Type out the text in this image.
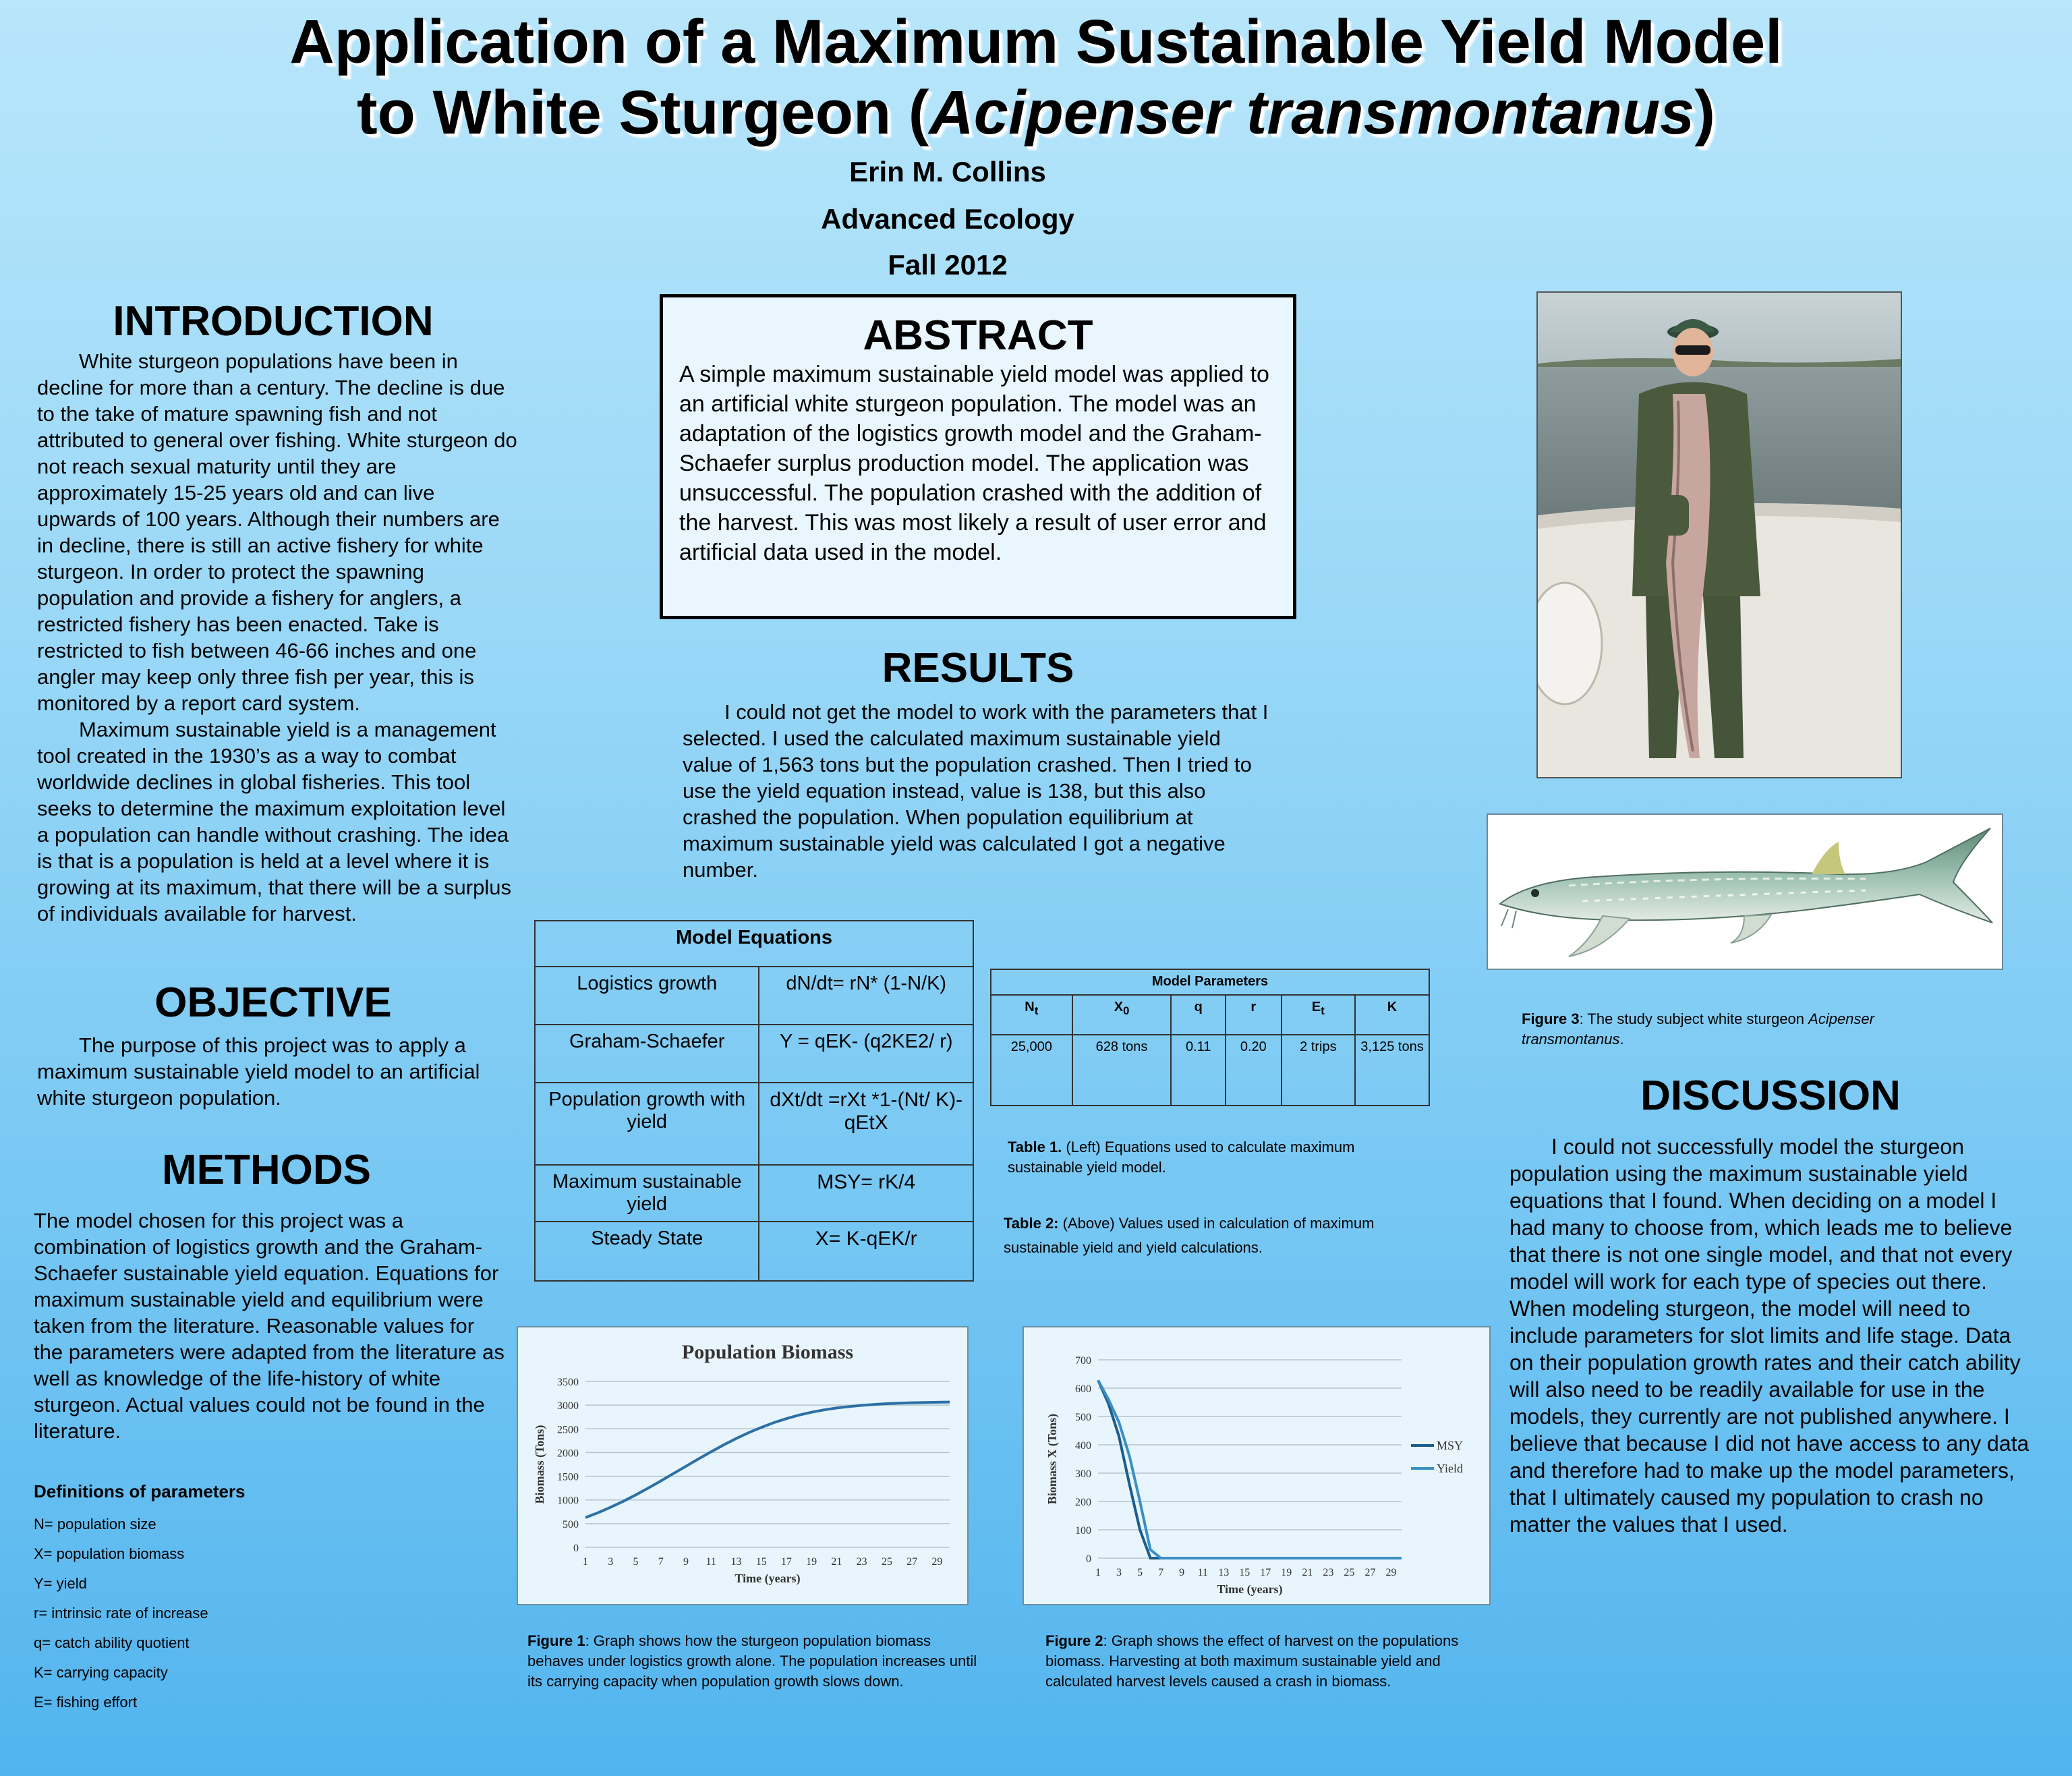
Application of a Maximum Sustainable Yield Model
to White Sturgeon (Acipenser transmontanus)
Erin M. Collins
Advanced Ecology
Fall 2012
INTRODUCTION
White sturgeon populations have been in decline for more than a century. The decline is due to the take of mature spawning fish and not attributed to general over fishing. White sturgeon do not reach sexual maturity until they are approximately 15-25 years old and can live upwards of 100 years. Although their numbers are in decline, there is still an active fishery for white sturgeon. In order to protect the spawning population and provide a fishery for anglers, a restricted fishery has been enacted. Take is restricted to fish between 46-66 inches and one angler may keep only three fish per year, this is monitored by a report card system.
Maximum sustainable yield is a management tool created in the 1930’s as a way to combat worldwide declines in global fisheries. This tool seeks to determine the maximum exploitation level a population can handle without crashing. The idea is that is a population is held at a level where it is growing at its maximum, that there will be a surplus of individuals available for harvest.
OBJECTIVE
The purpose of this project was to apply a maximum sustainable yield model to an artificial white sturgeon population.
METHODS
The model chosen for this project was a combination of logistics growth and the Graham-Schaefer sustainable yield equation. Equations for maximum sustainable yield and equilibrium were taken from the literature. Reasonable values for the parameters were adapted from the literature as well as knowledge of the life-history of white sturgeon. Actual values could not be found in the literature.
Definitions of parameters
N= population size
X= population biomass
Y= yield
r= intrinsic rate of increase
q= catch ability quotient
K= carrying capacity
E= fishing effort
ABSTRACT
A simple maximum sustainable yield model was applied to an artificial white sturgeon population. The model was an adaptation of the logistics growth model and the Graham-Schaefer surplus production model. The application was unsuccessful. The population crashed with the addition of the harvest. This was most likely a result of user error and artificial data used in the model.
RESULTS
I could not get the model to work with the parameters that I selected. I used the calculated maximum sustainable yield value of 1,563 tons but the population crashed. Then I tried to use the yield equation instead, value is 138, but this also crashed the population. When population equilibrium at maximum sustainable yield was calculated I got a negative number.
Model Equations	
Logistics growth	dN/dt= rN* (1-N/K)
Graham-Schaefer	Y = qEK- (q2KE2/ r)
Population growth with yield	dXt/dt =rXt *1-(Nt/ K)-qEtX
Maximum sustainable yield	MSY= rK/4
Steady State	X= K-qEK/r
Model Parameters					
$N_t$	$X_0$	q	r	$E_t$	K
25,000	628 tons	0.11	0.20	2 trips	3,125 tons
Table 1. (Left) Equations used to calculate maximum sustainable yield model.
Table 2: (Above) Values used in calculation of maximum sustainable yield and yield calculations.
Population Biomass
0
500
1000
1500
2000
2500
3000
3500
1 3 5 7 9 11 13 15 17 19 21 23 25 27 29
Time (years)
Biomass (Tons)
Figure 1: Graph shows how the sturgeon population biomass behaves under logistics growth alone. The population increases until its carrying capacity when population growth slows down.
0
100
200
300
400
500
600
700
1 3 5 7 9 11 13 15 17 19 21 23 25 27 29
Time (years)
Biomass X (Tons)	MSY
Yield
Figure 2: Graph shows the effect of harvest on the populations biomass. Harvesting at both maximum sustainable yield and calculated harvest levels caused a crash in biomass.
Figure 3: The study subject white sturgeon Acipenser transmontanus.
DISCUSSION
I could not successfully model the sturgeon population using the maximum sustainable yield equations that I found. When deciding on a model I had many to choose from, which leads me to believe that there is not one single model, and that not every model will work for each type of species out there. When modeling sturgeon, the model will need to include parameters for slot limits and life stage. Data on their population growth rates and their catch ability will also need to be readily available for use in the models, they currently are not published anywhere. I believe that because I did not have access to any data and therefore had to make up the model parameters, that I ultimately caused my population to crash no matter the values that I used.
